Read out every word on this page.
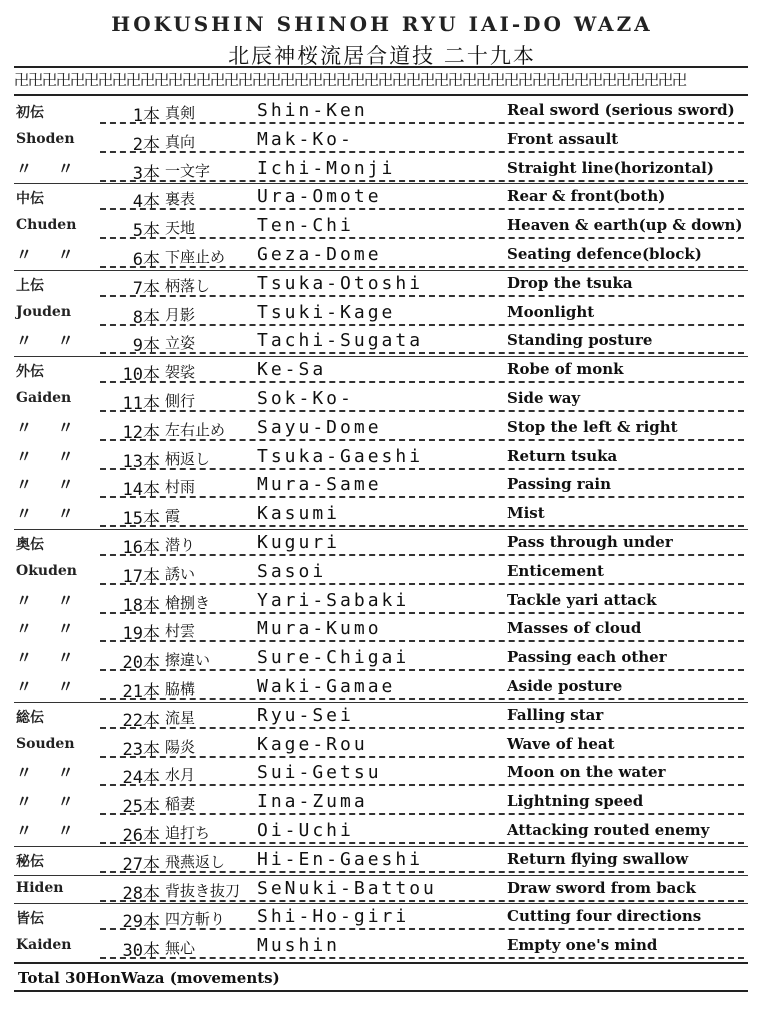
HOKUSHIN SHINOH RYU IAI-DO WAZA
北辰神桜流居合道技 二十九本
卍卍卍卍卍卍卍卍卍卍卍卍卍卍卍卍卍卍卍卍卍卍卍卍卍卍卍卍卍卍卍卍卍卍卍卍卍卍卍卍卍卍卍卍卍卍卍卍
初伝	1本 真剣	Shin-Ken	Real sword (serious sword)
Shoden	2本 真向	Mak-Ko-	Front assault
〃 〃	3本 一文字	Ichi-Monji	Straight line(horizontal)
中伝	4本 裏表	Ura-Omote	Rear & front(both)
Chuden	5本 天地	Ten-Chi	Heaven & earth(up & down)
〃 〃	6本 下座止め Geza-Dome	Seating defence(block)
上伝	7本 柄落し	Tsuka-Otoshi	Drop the tsuka
Jouden	8本 月影	Tsuki-Kage	Moonlight
〃 〃	9本 立姿	Tachi-Sugata	Standing posture
外伝	10本 袈裟	Ke-Sa	Robe of monk
Gaiden	11本 側行	Sok-Ko-	Side way
〃 〃	12本 左右止め Sayu-Dome	Stop the left & right
〃 〃	13本 柄返し	Tsuka-Gaeshi	Return tsuka
〃 〃	14本 村雨	Mura-Same	Passing rain
〃 〃	15本 霞	Kasumi	Mist
奥伝	16本 潜り	Kuguri	Pass through under
Okuden	17本 誘い	Sasoi	Enticement
〃 〃	18本 槍捌き	Yari-Sabaki	Tackle yari attack
〃 〃	19本 村雲	Mura-Kumo	Masses of cloud
〃 〃	20本 擦違い	Sure-Chigai	Passing each other
〃 〃	21本 脇構	Waki-Gamae	Aside posture
総伝	22本 流星	Ryu-Sei	Falling star
Souden	23本 陽炎	Kage-Rou	Wave of heat
〃 〃	24本 水月	Sui-Getsu	Moon on the water
〃 〃	25本 稲妻	Ina-Zuma	Lightning speed
〃 〃	26本 追打ち	Oi-Uchi	Attacking routed enemy
秘伝	27本 飛燕返し Hi-En-Gaeshi	Return flying swallow
Hiden	28本 背抜き抜刀 SeNuki-Battou	Draw sword from back
皆伝	29本 四方斬り Shi-Ho-giri	Cutting four directions
Kaiden	30本 無心	Mushin	Empty one's mind
Total 30HonWaza (movements)
